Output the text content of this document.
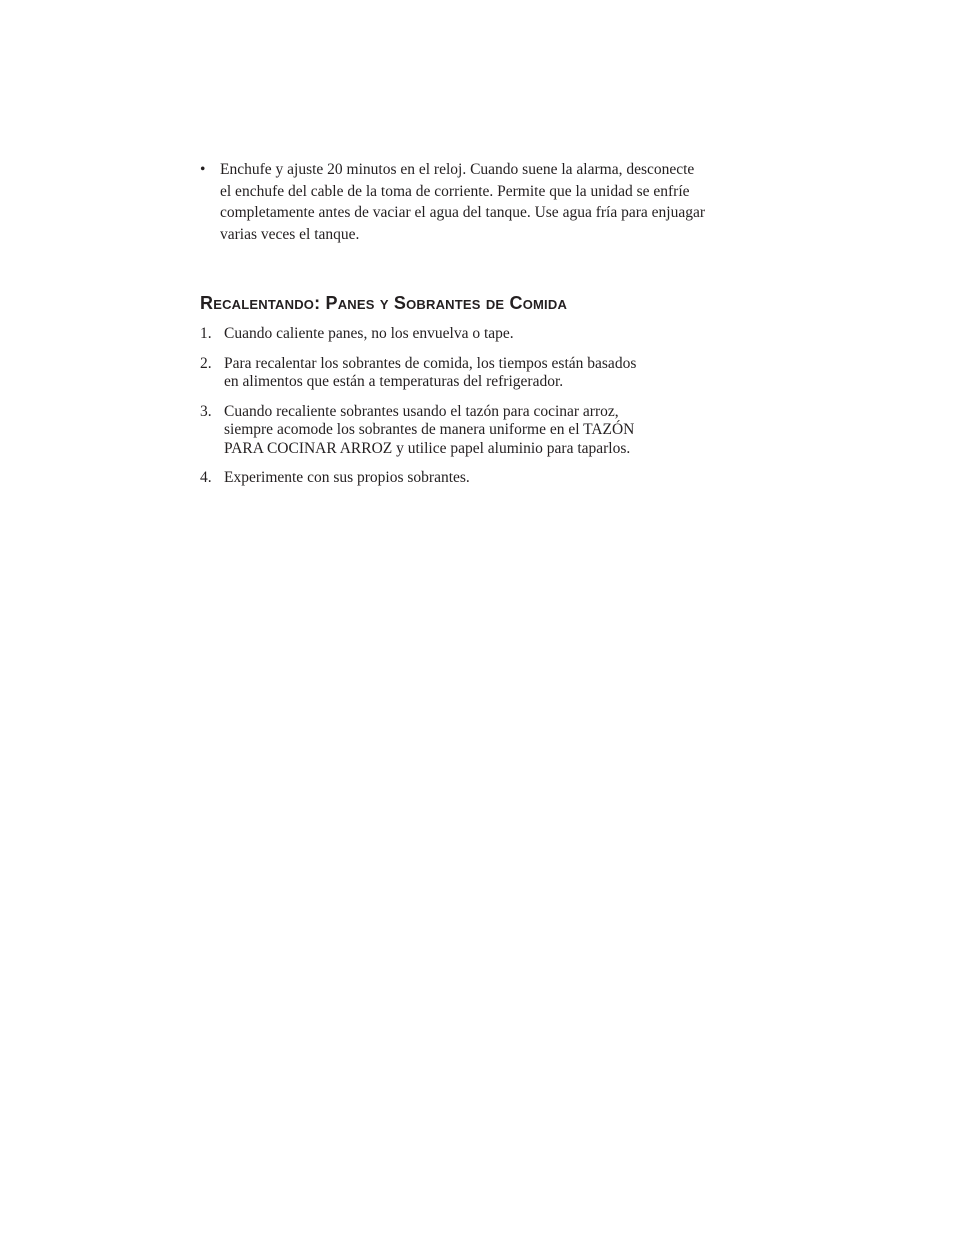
• Enchufe y ajuste 20 minutos en el reloj. Cuando suene la alarma, desconecte
el enchufe del cable de la toma de corriente. Permite que la unidad se enfríe
completamente antes de vaciar el agua del tanque. Use agua fría para enjuagar
varias veces el tanque.
Recalentando: Panes y Sobrantes de Comida
1. Cuando caliente panes, no los envuelva o tape.
2. Para recalentar los sobrantes de comida, los tiempos están basados
en alimentos que están a temperaturas del refrigerador.
3. Cuando recaliente sobrantes usando el tazón para cocinar arroz,
siempre acomode los sobrantes de manera uniforme en el TAZÓN
PARA COCINAR ARROZ y utilice papel aluminio para taparlos.
4. Experimente con sus propios sobrantes.
